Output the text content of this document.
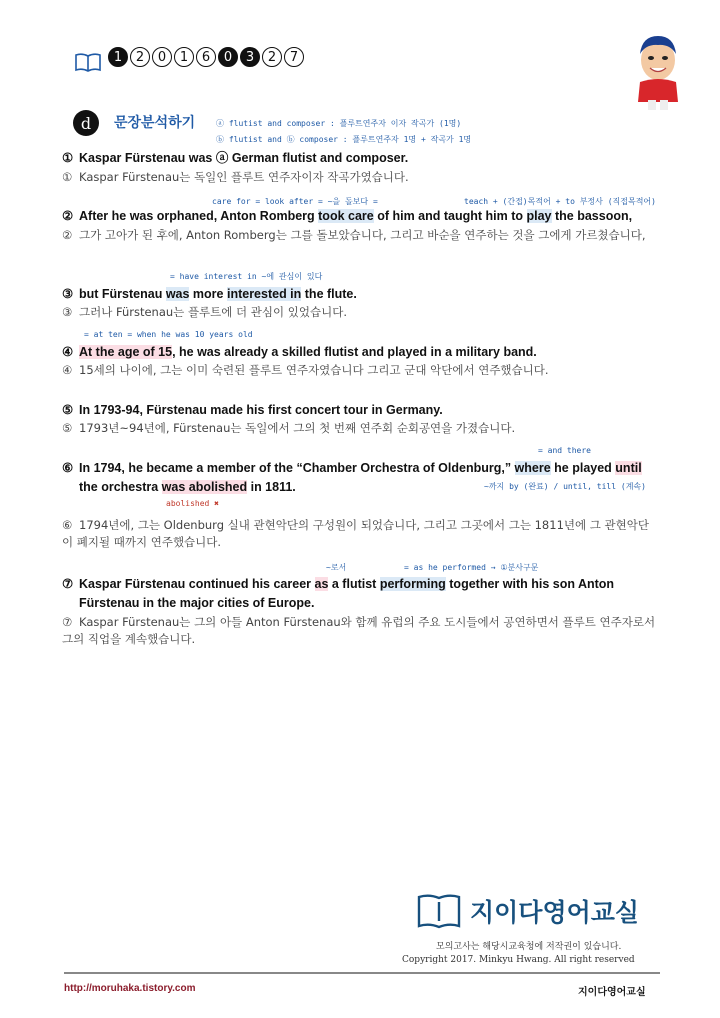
1	2	0	1	6	0	3	2	7
d	문장분석하기	ⓐ flutist and composer : 플루트연주자 이자 작곡가 (1명)
ⓑ flutist and ⓑ composer : 플루트연주자 1명 + 작곡가 1명
① Kaspar Fürstenau was ⓐ German flutist and composer.
① Kaspar Fürstenau는 독일인 플루트 연주자이자 작곡가였습니다.
care for = look after = ~을 돌보다 =	teach + (간접)목적어 + to 부정사 (직접목적어)
② After he was orphaned, Anton Romberg took care of him and taught him to play the bassoon,
② 그가 고아가 된 후에, Anton Romberg는 그를 돌보았습니다, 그리고 바순을 연주하는 것을 그에게 가르쳤습니다,
= have interest in ~에 관심이 있다
③ but Fürstenau was more interested in the flute.
③ 그러나 Fürstenau는 플루트에 더 관심이 있었습니다.
= at ten = when he was 10 years old
④ At the age of 15, he was already a skilled flutist and played in a military band.
④ 15세의 나이에, 그는 이미 숙련된 플루트 연주자였습니다 그리고 군대 악단에서 연주했습니다.
⑤ In 1793-94, Fürstenau made his first concert tour in Germany.
⑤ 1793년~94년에, Fürstenau는 독일에서 그의 첫 번째 연주회 순회공연을 가졌습니다.
= and there
⑥ In 1794, he became a member of the “Chamber Orchestra of Oldenburg,” where he played until
the orchestra was abolished in 1811.	~까지 by (완료) / until, till (계속)
abolished ✖
⑥ 1794년에, 그는 Oldenburg 실내 관현악단의 구성원이 되었습니다, 그리고 그곳에서 그는 1811년에 그 관현악단이 폐지될 때까지 연주했습니다.
~로서	= as he performed → ①분사구문
⑦ Kaspar Fürstenau continued his career as a flutist performing together with his son Anton
Fürstenau in the major cities of Europe.
⑦ Kaspar Fürstenau는 그의 아들 Anton Fürstenau와 함께 유럽의 주요 도시들에서 공연하면서 플루트 연주자로서 그의 직업을 계속했습니다.
지이다영어교실
모의고사는 해당시교육청에 저작권이 있습니다.
Copyright 2017. Minkyu Hwang. All right reserved
http://moruhaka.tistory.com	지이다영어교실
